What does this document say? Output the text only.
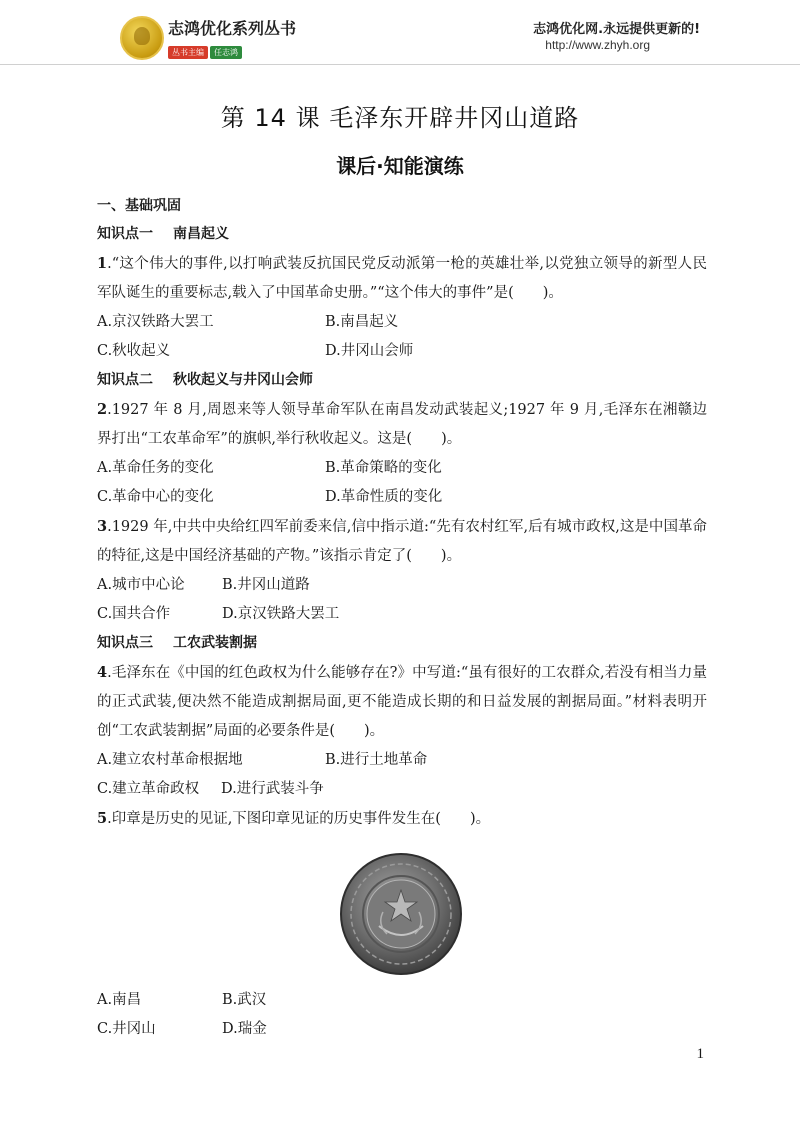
志鸿优化系列丛书
丛书主编 任志鸿
志鸿优化网.永远提供更新的!
http://www.zhyh.org
第 14 课 毛泽东开辟井冈山道路
课后·知能演练
一、基础巩固
知识点一 南昌起义
1.“这个伟大的事件,以打响武装反抗国民党反动派第一枪的英雄壮举,以党独立领导的新型人民军队诞生的重要标志,载入了中国革命史册。”“这个伟大的事件”是(　　)。
A.京汉铁路大罢工	B.南昌起义
C.秋收起义	D.井冈山会师
知识点二 秋收起义与井冈山会师
2.1927 年 8 月,周恩来等人领导革命军队在南昌发动武装起义;1927 年 9 月,毛泽东在湘赣边界打出“工农革命军”的旗帜,举行秋收起义。这是(　　)。
A.革命任务的变化	B.革命策略的变化
C.革命中心的变化	D.革命性质的变化
3.1929 年,中共中央给红四军前委来信,信中指示道:“先有农村红军,后有城市政权,这是中国革命的特征,这是中国经济基础的产物。”该指示肯定了(　　)。
A.城市中心论	B.井冈山道路
C.国共合作	D.京汉铁路大罢工
知识点三 工农武装割据
4.毛泽东在《中国的红色政权为什么能够存在?》中写道:“虽有很好的工农群众,若没有相当力量的正式武装,便决然不能造成割据局面,更不能造成长期的和日益发展的割据局面。”材料表明开创“工农武装割据”局面的必要条件是(　　)。
A.建立农村革命根据地	B.进行土地革命
C.建立革命政权 D.进行武装斗争
5.印章是历史的见证,下图印章见证的历史事件发生在(　　)。
A.南昌	B.武汉
C.井冈山	D.瑞金
1
